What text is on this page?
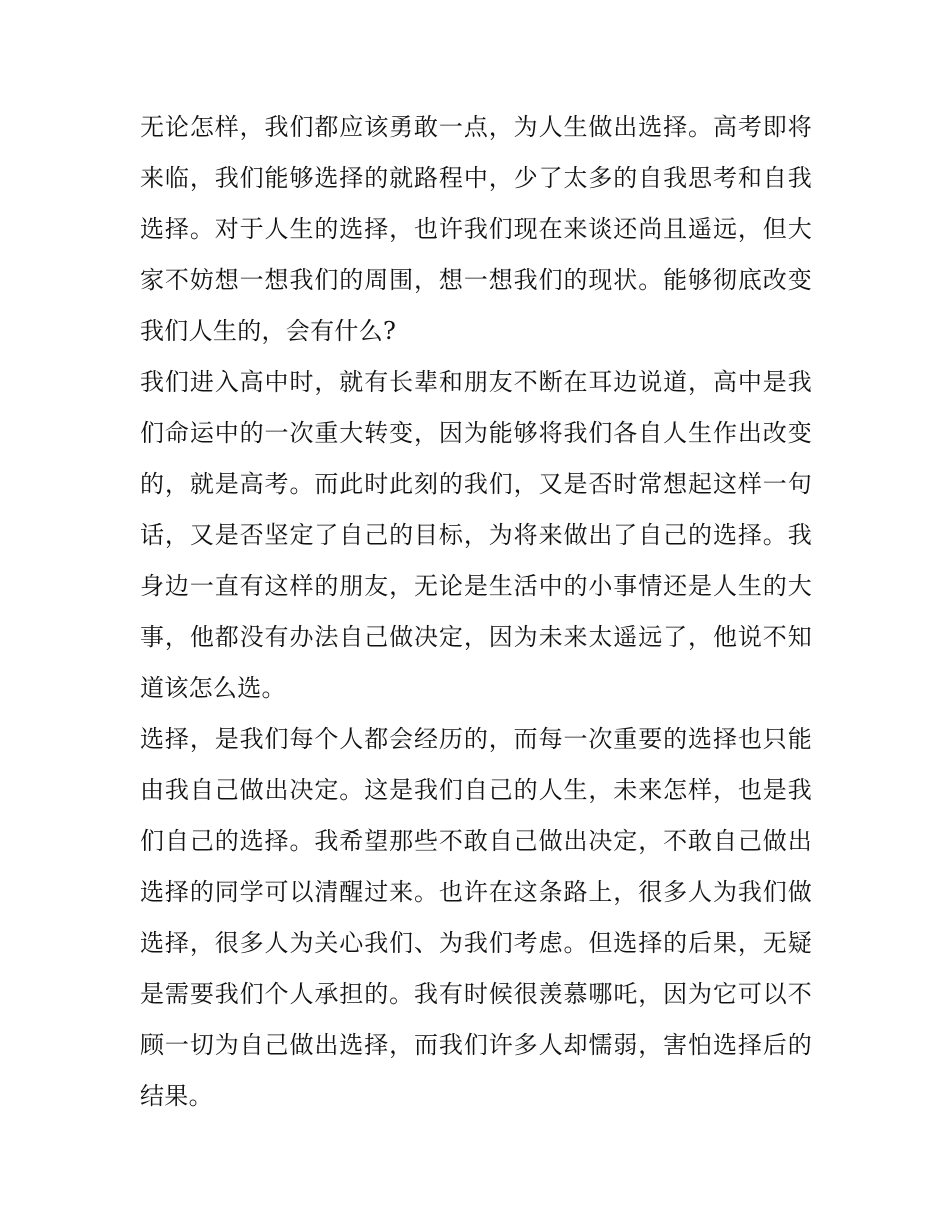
无论怎样，我们都应该勇敢一点，为人生做出选择。高考即将来临，我们能够选择的就路程中，少了太多的自我思考和自我选择。对于人生的选择，也许我们现在来谈还尚且遥远，但大家不妨想一想我们的周围，想一想我们的现状。能够彻底改变我们人生的，会有什么?

我们进入高中时，就有长辈和朋友不断在耳边说道，高中是我们命运中的一次重大转变，因为能够将我们各自人生作出改变的，就是高考。而此时此刻的我们，又是否时常想起这样一句话，又是否坚定了自己的目标，为将来做出了自己的选择。我身边一直有这样的朋友，无论是生活中的小事情还是人生的大事，他都没有办法自己做决定，因为未来太遥远了，他说不知道该怎么选。

选择，是我们每个人都会经历的，而每一次重要的选择也只能由我自己做出决定。这是我们自己的人生，未来怎样，也是我们自己的选择。我希望那些不敢自己做出决定，不敢自己做出选择的同学可以清醒过来。也许在这条路上，很多人为我们做选择，很多人为关心我们、为我们考虑。但选择的后果，无疑是需要我们个人承担的。我有时候很羡慕哪吒，因为它可以不顾一切为自己做出选择，而我们许多人却懦弱，害怕选择后的结果。
